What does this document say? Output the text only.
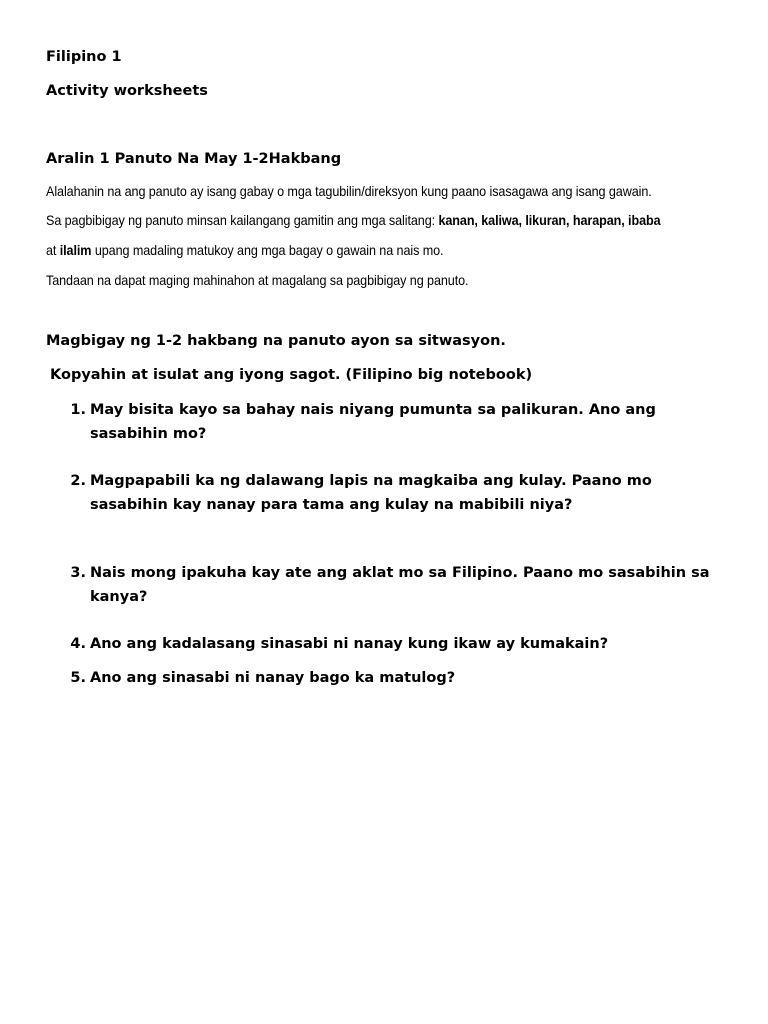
Filipino 1
Activity worksheets
Aralin 1 Panuto Na May 1-2Hakbang
Alalahanin na ang panuto ay isang gabay o mga tagubilin/direksyon kung paano isasagawa ang isang gawain.
Sa pagbibigay ng panuto minsan kailangang gamitin ang mga salitang: kanan, kaliwa, likuran, harapan, ibaba
at ilalim upang madaling matukoy ang mga bagay o gawain na nais mo.
Tandaan na dapat maging mahinahon at magalang sa pagbibigay ng panuto.
Magbigay ng 1-2 hakbang na panuto ayon sa sitwasyon.
Kopyahin at isulat ang iyong sagot. (Filipino big notebook)
1. May bisita kayo sa bahay nais niyang pumunta sa palikuran. Ano ang sasabihin mo?
2. Magpapabili ka ng dalawang lapis na magkaiba ang kulay. Paano mo sasabihin kay nanay para tama ang kulay na mabibili niya?
3. Nais mong ipakuha kay ate ang aklat mo sa Filipino. Paano mo sasabihin sa kanya?
4. Ano ang kadalasang sinasabi ni nanay kung ikaw ay kumakain?
5. Ano ang sinasabi ni nanay bago ka matulog?
